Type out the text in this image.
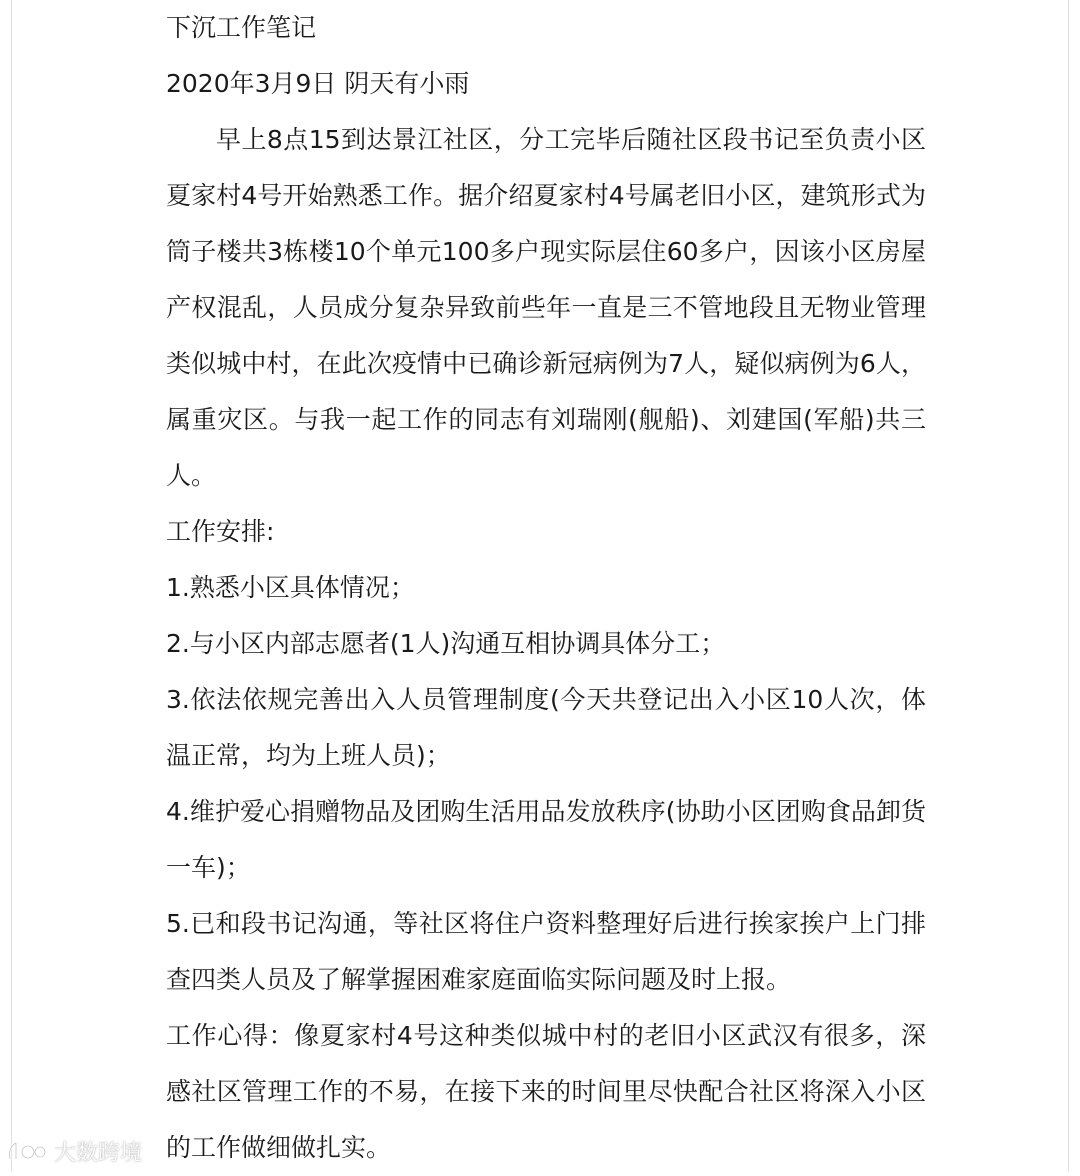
下沉工作笔记

2020年3月9日 阴天有小雨

早上8点15到达景江社区，分工完毕后随社区段书记至负责小区夏家村4号开始熟悉工作。据介绍夏家村4号属老旧小区，建筑形式为筒子楼共3栋楼10个单元100多户现实际层住60多户，因该小区房屋产权混乱，人员成分复杂异致前些年一直是三不管地段且无物业管理类似城中村，在此次疫情中已确诊新冠病例为7人，疑似病例为6人，属重灾区。与我一起工作的同志有刘瑞刚(舰船)、刘建国(军船)共三人。

工作安排:

1.熟悉小区具体情况；

2.与小区内部志愿者(1人)沟通互相协调具体分工；

3.依法依规完善出入人员管理制度(今天共登记出入小区10人次，体温正常，均为上班人员)；

4.维护爱心捐赠物品及团购生活用品发放秩序(协助小区团购食品卸货一车)；

5.已和段书记沟通，等社区将住户资料整理好后进行挨家挨户上门排查四类人员及了解掌握困难家庭面临实际问题及时上报。

工作心得：像夏家村4号这种类似城中村的老旧小区武汉有很多，深感社区管理工作的不易，在接下来的时间里尽快配合社区将深入小区的工作做细做扎实。

大数跨境
